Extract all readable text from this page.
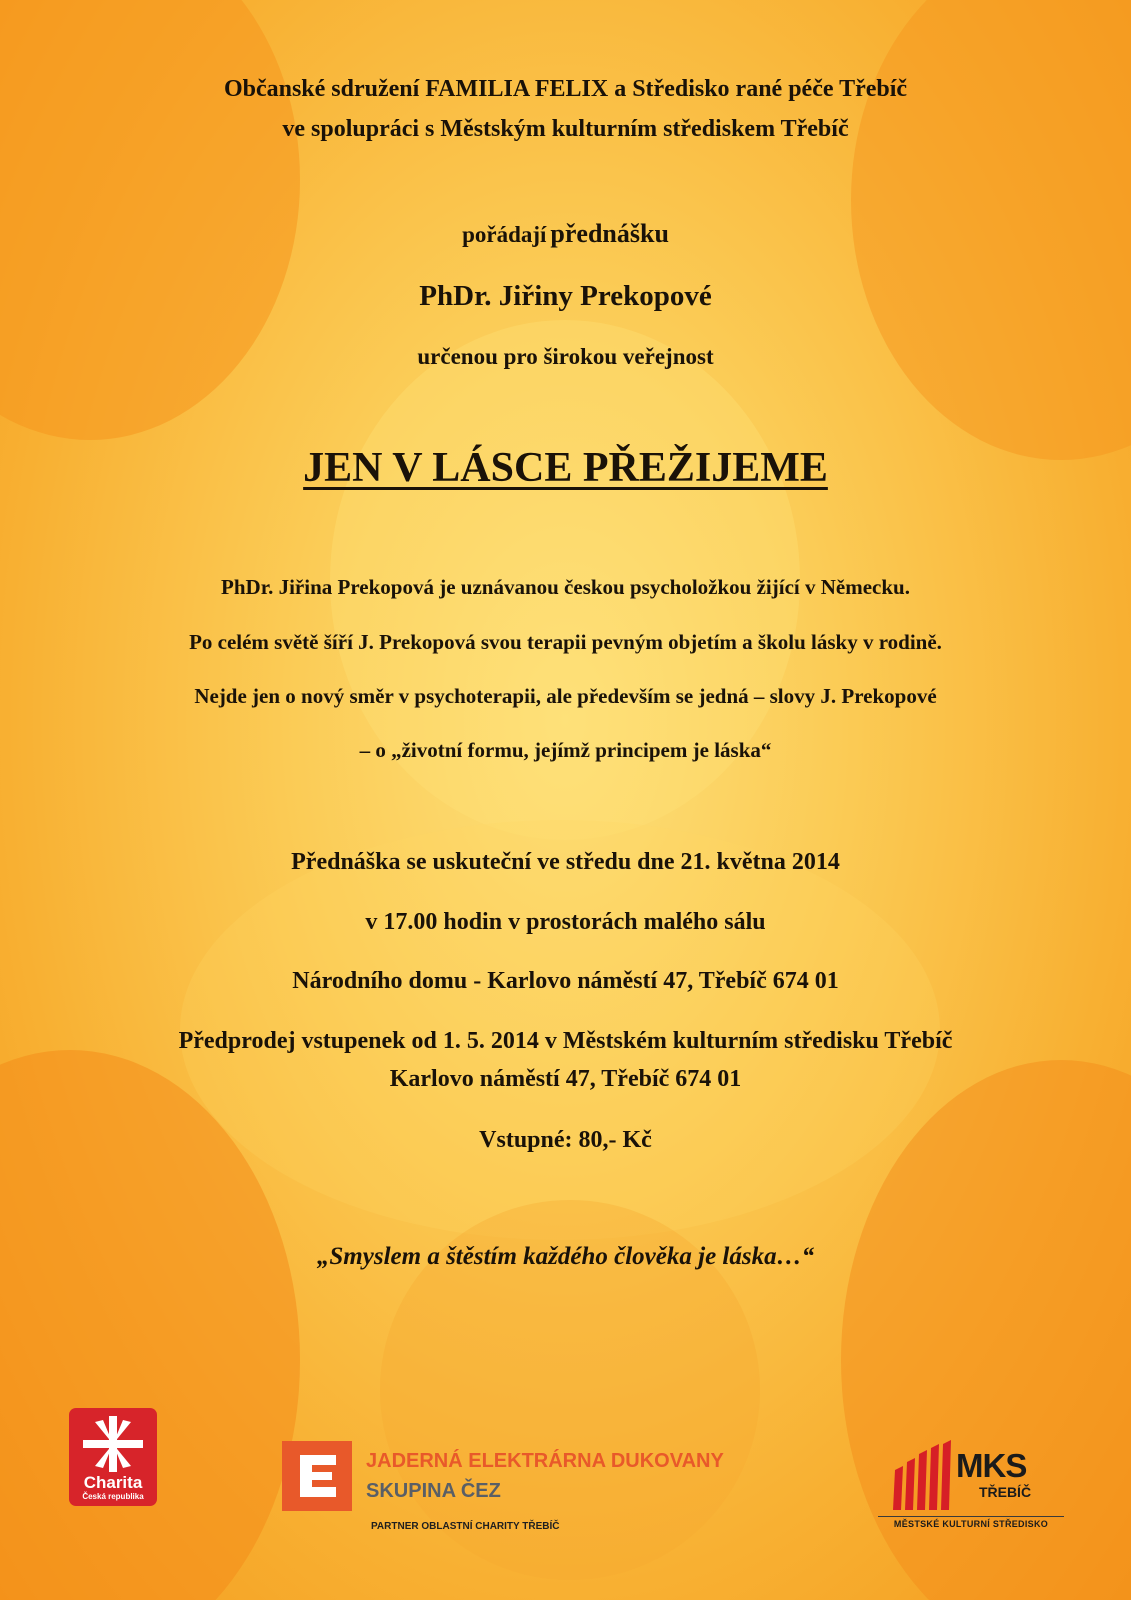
Občanské sdružení FAMILIA FELIX a Středisko rané péče Třebíč
ve spolupráci s Městským kulturním střediskem Třebíč
pořádají přednášku
PhDr. Jiřiny Prekopové
určenou pro širokou veřejnost
JEN V LÁSCE PŘEŽIJEME
PhDr. Jiřina Prekopová je uznávanou českou psycholožkou žijící v Německu.
Po celém světě šíří J. Prekopová svou terapii pevným objetím a školu lásky v rodině.
Nejde jen o nový směr v psychoterapii, ale především se jedná – slovy J. Prekopové
– o „životní formu, jejímž principem je láska“
Přednáška se uskuteční ve středu dne 21. května 2014
v 17.00 hodin v prostorách malého sálu
Národního domu - Karlovo náměstí 47, Třebíč 674 01
Předprodej vstupenek od 1. 5. 2014 v Městském kulturním středisku Třebíč
Karlovo náměstí 47, Třebíč 674 01
Vstupné: 80,- Kč
„Smyslem a štěstím každého člověka je láska…“
Charita
Česká republika
JADERNÁ ELEKTRÁRNA DUKOVANY
SKUPINA ČEZ
PARTNER OBLASTNÍ CHARITY TŘEBÍČ
MKS
TŘEBÍČ
MĚSTSKÉ KULTURNÍ STŘEDISKO
